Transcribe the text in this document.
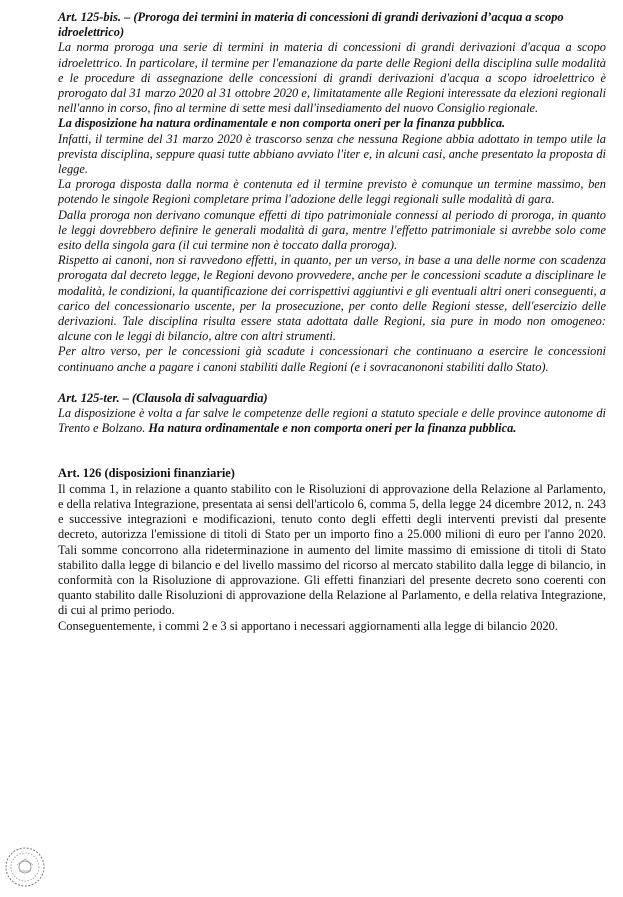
Art. 125-bis. – (Proroga dei termini in materia di concessioni di grandi derivazioni d’acqua a scopo idroelettrico)

La norma proroga una serie di termini in materia di concessioni di grandi derivazioni d'acqua a scopo idroelettrico. In particolare, il termine per l'emanazione da parte delle Regioni della disciplina sulle modalità e le procedure di assegnazione delle concessioni di grandi derivazioni d'acqua a scopo idroelettrico è prorogato dal 31 marzo 2020 al 31 ottobre 2020 e, limitatamente alle Regioni interessate da elezioni regionali nell'anno in corso, fino al termine di sette mesi dall'insediamento del nuovo Consiglio regionale.

La disposizione ha natura ordinamentale e non comporta oneri per la finanza pubblica.

Infatti, il termine del 31 marzo 2020 è trascorso senza che nessuna Regione abbia adottato in tempo utile la prevista disciplina, seppure quasi tutte abbiano avviato l'iter e, in alcuni casi, anche presentato la proposta di legge.

La proroga disposta dalla norma è contenuta ed il termine previsto è comunque un termine massimo, ben potendo le singole Regioni completare prima l'adozione delle leggi regionali sulle modalità di gara.

Dalla proroga non derivano comunque effetti di tipo patrimoniale connessi al periodo di proroga, in quanto le leggi dovrebbero definire le generali modalità di gara, mentre l'effetto patrimoniale si avrebbe solo come esito della singola gara (il cui termine non è toccato dalla proroga).

Rispetto ai canoni, non si ravvedono effetti, in quanto, per un verso, in base a una delle norme con scadenza prorogata dal decreto legge, le Regioni devono provvedere, anche per le concessioni scadute a disciplinare le modalità, le condizioni, la quantificazione dei corrispettivi aggiuntivi e gli eventuali altri oneri conseguenti, a carico del concessionario uscente, per la prosecuzione, per conto delle Regioni stesse, dell'esercizio delle derivazioni. Tale disciplina risulta essere stata adottata dalle Regioni, sia pure in modo non omogeneo: alcune con le leggi di bilancio, altre con altri strumenti.

Per altro verso, per le concessioni già scadute i concessionari che continuano a esercire le concessioni continuano anche a pagare i canoni stabiliti dalle Regioni (e i sovracanononi stabiliti dallo Stato).

Art. 125-ter. – (Clausola di salvaguardia)

La disposizione è volta a far salve le competenze delle regioni a statuto speciale e delle province autonome di Trento e Bolzano. Ha natura ordinamentale e non comporta oneri per la finanza pubblica.

Art. 126 (disposizioni finanziarie)

Il comma 1, in relazione a quanto stabilito con le Risoluzioni di approvazione della Relazione al Parlamento, e della relativa Integrazione, presentata ai sensi dell'articolo 6, comma 5, della legge 24 dicembre 2012, n. 243 e successive integrazioni e modificazioni, tenuto conto degli effetti degli interventi previsti dal presente decreto, autorizza l'emissione di titoli di Stato per un importo fino a 25.000 milioni di euro per l'anno 2020. Tali somme concorrono alla rideterminazione in aumento del limite massimo di emissione di titoli di Stato stabilito dalla legge di bilancio e del livello massimo del ricorso al mercato stabilito dalla legge di bilancio, in conformità con la Risoluzione di approvazione. Gli effetti finanziari del presente decreto sono coerenti con quanto stabilito dalle Risoluzioni di approvazione della Relazione al Parlamento, e della relativa Integrazione, di cui al primo periodo.

Conseguentemente, i commi 2 e 3 si apportano i necessari aggiornamenti alla legge di bilancio 2020.
